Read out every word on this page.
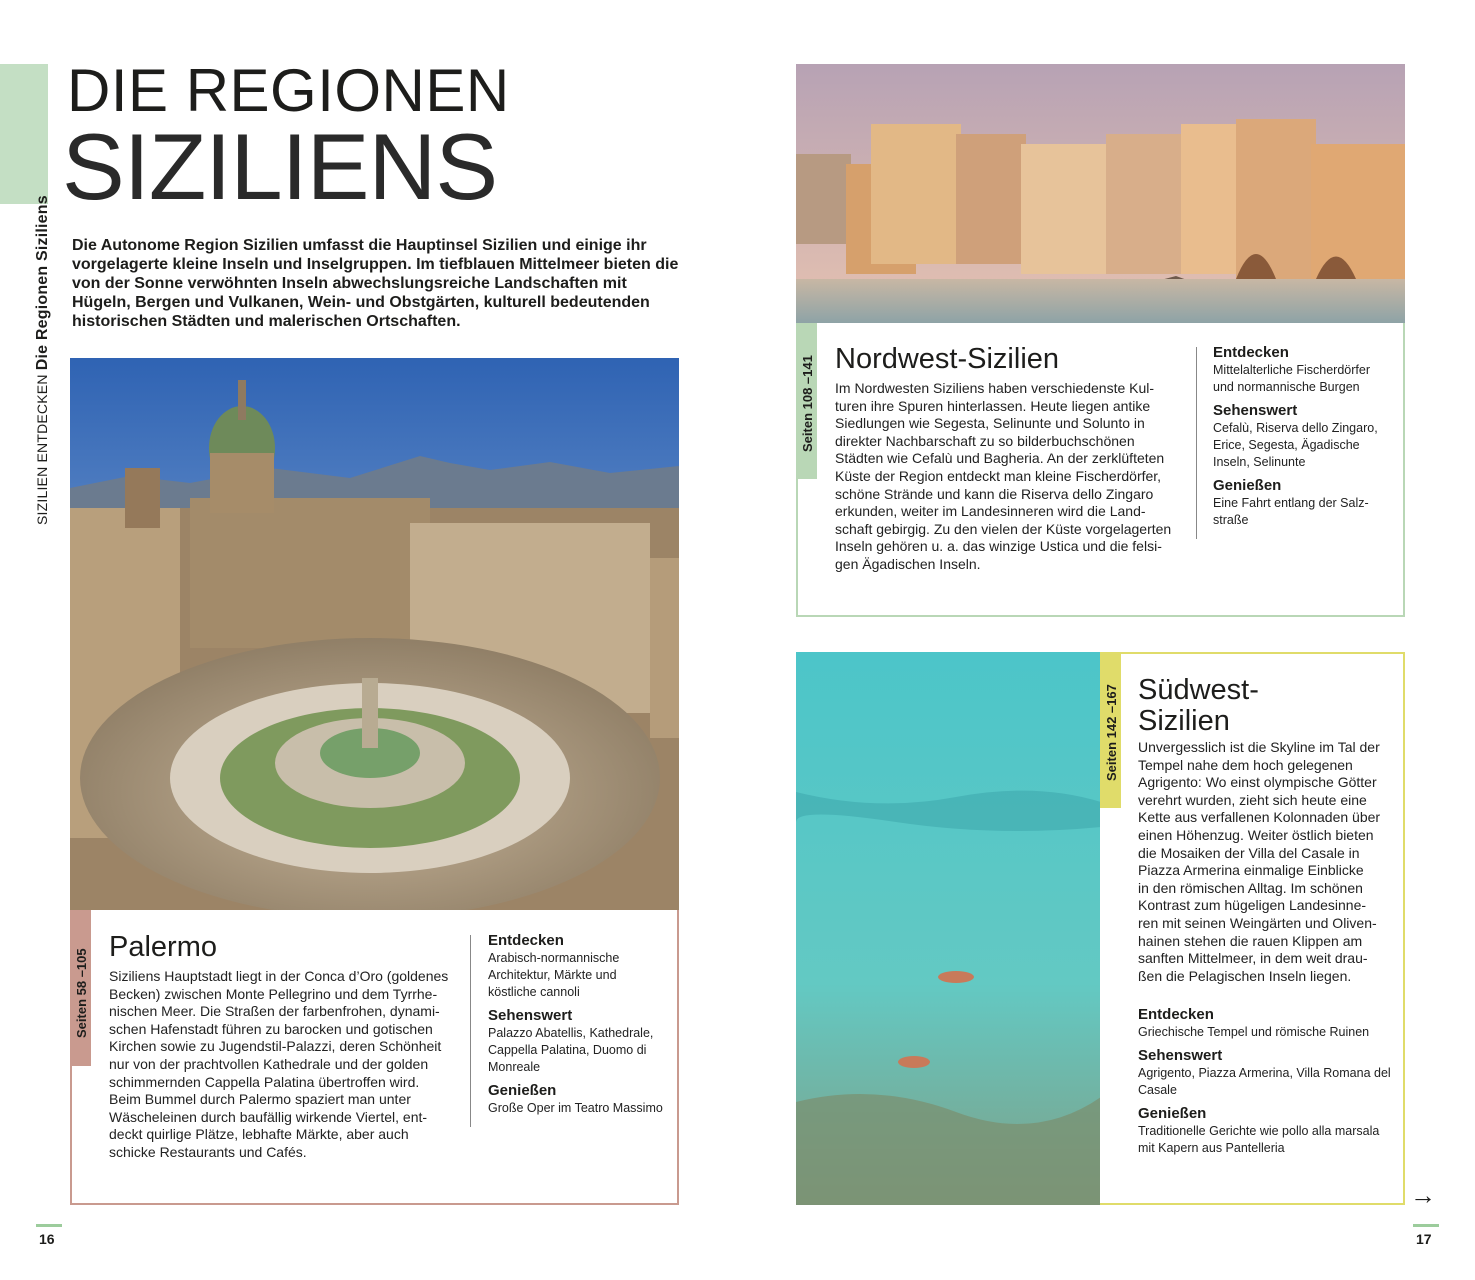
SIZILIEN ENTDECKEN Die Regionen Siziliens
DIE REGIONEN
SIZILIENS
Die Autonome Region Sizilien umfasst die Hauptinsel Sizilien und einige ihr vorgelagerte kleine Inseln und Inselgruppen. Im tiefblauen Mittelmeer bieten die von der Sonne verwöhnten Inseln abwechslungsreiche Landschaften mit Hügeln, Bergen und Vulkanen, Wein- und Obstgärten, kulturell bedeutenden historischen Städten und malerischen Ortschaften.
Seiten 58 –105
Palermo
Siziliens Hauptstadt liegt in der Conca d’Oro (goldenes
Becken) zwischen Monte Pellegrino und dem Tyrrhe-
nischen Meer. Die Straßen der farbenfrohen, dynami-
schen Hafenstadt führen zu barocken und gotischen
Kirchen sowie zu Jugendstil-Palazzi, deren Schönheit
nur von der prachtvollen Kathedrale und der golden
schimmernden Cappella Palatina übertroffen wird.
Beim Bummel durch Palermo spaziert man unter
Wäscheleinen durch baufällig wirkende Viertel, ent-
deckt quirlige Plätze, lebhafte Märkte, aber auch
schicke Restaurants und Cafés.
Entdecken
Arabisch-normannische Architektur, Märkte und köstliche cannoli
Sehenswert
Palazzo Abatellis, Kathedrale, Cappella Palatina, Duomo di Monreale
Genießen
Große Oper im Teatro Massimo
Seiten 108 –141 Nordwest-Sizilien
Im Nordwesten Siziliens haben verschiedenste Kul-
turen ihre Spuren hinterlassen. Heute liegen antike
Siedlungen wie Segesta, Selinunte und Solunto in
direkter Nachbarschaft zu so bilderbuchschönen
Städten wie Cefalù und Bagheria. An der zerklüfteten
Küste der Region entdeckt man kleine Fischerdörfer,
schöne Strände und kann die Riserva dello Zingaro
erkunden, weiter im Landesinneren wird die Land-
schaft gebirgig. Zu den vielen der Küste vorgelagerten
Inseln gehören u. a. das winzige Ustica und die felsi-
gen Ägadischen Inseln.
Entdecken
Mittelalterliche Fischerdörfer und normannische Burgen
Sehenswert
Cefalù, Riserva dello Zingaro, Erice, Segesta, Ägadische Inseln, Selinunte
Genießen
Eine Fahrt entlang der Salz-straße
Seiten 142 –167 Südwest-
Sizilien
Unvergesslich ist die Skyline im Tal der
Tempel nahe dem hoch gelegenen
Agrigento: Wo einst olympische Götter
verehrt wurden, zieht sich heute eine
Kette aus verfallenen Kolonnaden über
einen Höhenzug. Weiter östlich bieten
die Mosaiken der Villa del Casale in
Piazza Armerina einmalige Einblicke
in den römischen Alltag. Im schönen
Kontrast zum hügeligen Landesinne-
ren mit seinen Weingärten und Oliven-
hainen stehen die rauen Klippen am
sanften Mittelmeer, in dem weit drau-
ßen die Pelagischen Inseln liegen.
Entdecken
Griechische Tempel und römische Ruinen
Sehenswert
Agrigento, Piazza Armerina, Villa Romana del Casale
Genießen
Traditionelle Gerichte wie pollo alla marsala mit Kapern aus Pantelleria
→
16	17
